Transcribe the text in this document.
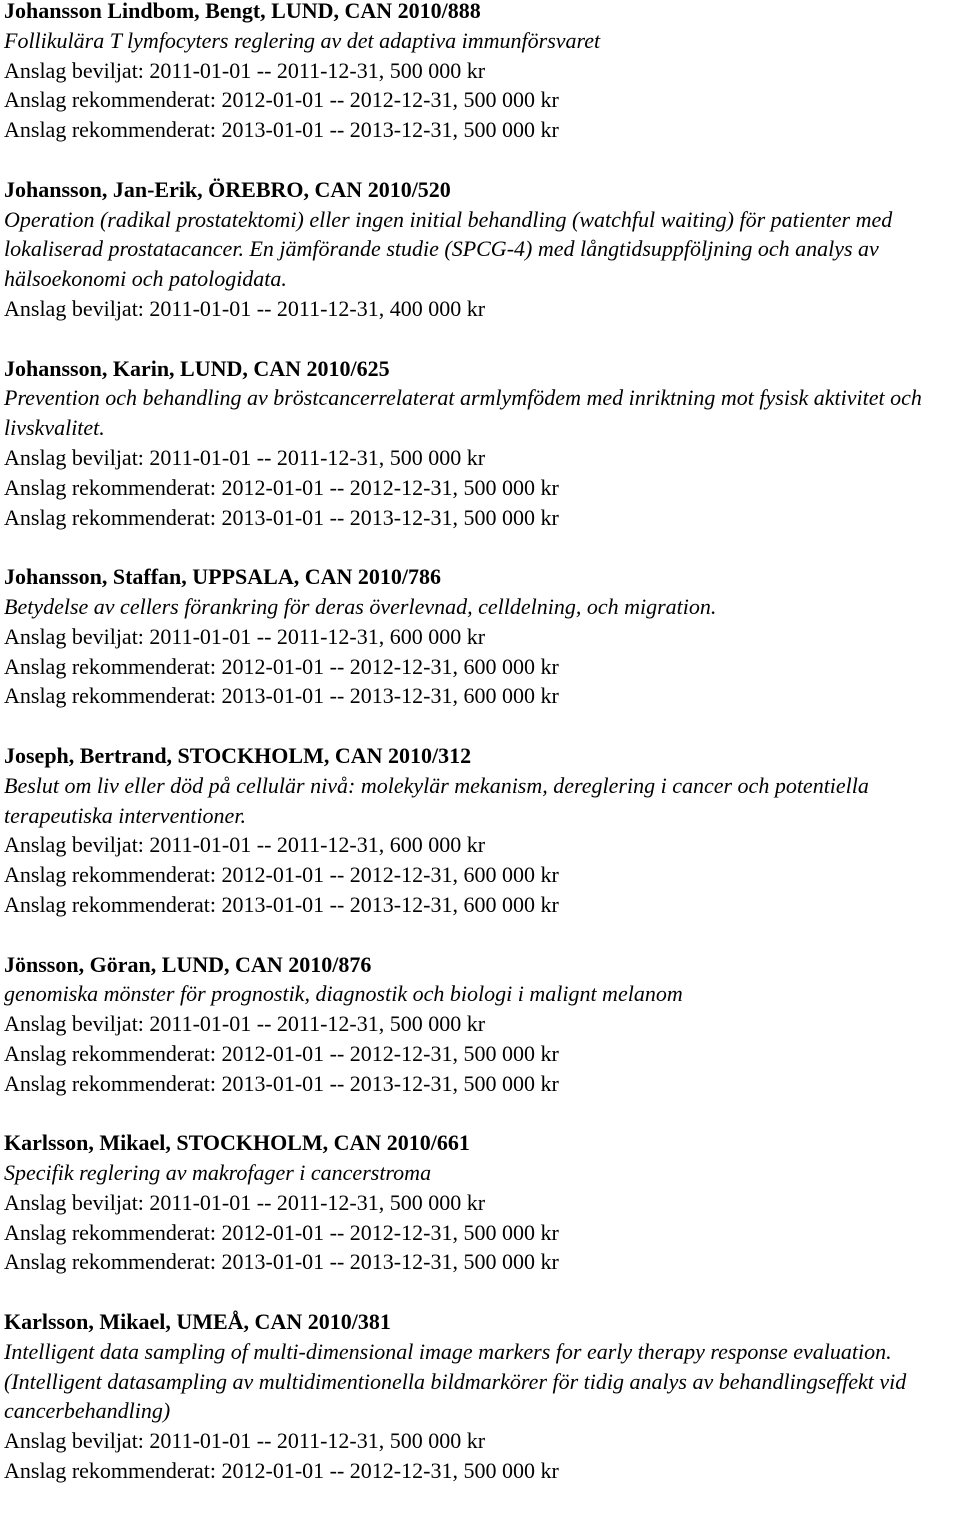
Johansson Lindbom, Bengt, LUND, CAN 2010/888

Follikulära T lymfocyters reglering av det adaptiva immunförsvaret

Anslag beviljat: 2011-01-01 -- 2011-12-31, 500 000 kr

Anslag rekommenderat: 2012-01-01 -- 2012-12-31, 500 000 kr

Anslag rekommenderat: 2013-01-01 -- 2013-12-31, 500 000 kr

Johansson, Jan-Erik, ÖREBRO, CAN 2010/520

Operation (radikal prostatektomi) eller ingen initial behandling (watchful waiting) för patienter med lokaliserad prostatacancer. En jämförande studie (SPCG-4) med långtidsuppföljning och analys av hälsoekonomi och patologidata.

Anslag beviljat: 2011-01-01 -- 2011-12-31, 400 000 kr

Johansson, Karin, LUND, CAN 2010/625

Prevention och behandling av bröstcancerrelaterat armlymfödem med inriktning mot fysisk aktivitet och livskvalitet.

Anslag beviljat: 2011-01-01 -- 2011-12-31, 500 000 kr

Anslag rekommenderat: 2012-01-01 -- 2012-12-31, 500 000 kr

Anslag rekommenderat: 2013-01-01 -- 2013-12-31, 500 000 kr

Johansson, Staffan, UPPSALA, CAN 2010/786

Betydelse av cellers förankring för deras överlevnad, celldelning, och migration.

Anslag beviljat: 2011-01-01 -- 2011-12-31, 600 000 kr

Anslag rekommenderat: 2012-01-01 -- 2012-12-31, 600 000 kr

Anslag rekommenderat: 2013-01-01 -- 2013-12-31, 600 000 kr

Joseph, Bertrand, STOCKHOLM, CAN 2010/312

Beslut om liv eller död på cellulär nivå: molekylär mekanism, dereglering i cancer och potentiella terapeutiska interventioner.

Anslag beviljat: 2011-01-01 -- 2011-12-31, 600 000 kr

Anslag rekommenderat: 2012-01-01 -- 2012-12-31, 600 000 kr

Anslag rekommenderat: 2013-01-01 -- 2013-12-31, 600 000 kr

Jönsson, Göran, LUND, CAN 2010/876

genomiska mönster för prognostik, diagnostik och biologi i malignt melanom

Anslag beviljat: 2011-01-01 -- 2011-12-31, 500 000 kr

Anslag rekommenderat: 2012-01-01 -- 2012-12-31, 500 000 kr

Anslag rekommenderat: 2013-01-01 -- 2013-12-31, 500 000 kr

Karlsson, Mikael, STOCKHOLM, CAN 2010/661

Specifik reglering av makrofager i cancerstroma

Anslag beviljat: 2011-01-01 -- 2011-12-31, 500 000 kr

Anslag rekommenderat: 2012-01-01 -- 2012-12-31, 500 000 kr

Anslag rekommenderat: 2013-01-01 -- 2013-12-31, 500 000 kr

Karlsson, Mikael, UMEÅ, CAN 2010/381

Intelligent data sampling of multi-dimensional image markers for early therapy response evaluation. (Intelligent datasampling av multidimentionella bildmarkörer för tidig analys av behandlingseffekt vid cancerbehandling)

Anslag beviljat: 2011-01-01 -- 2011-12-31, 500 000 kr

Anslag rekommenderat: 2012-01-01 -- 2012-12-31, 500 000 kr
